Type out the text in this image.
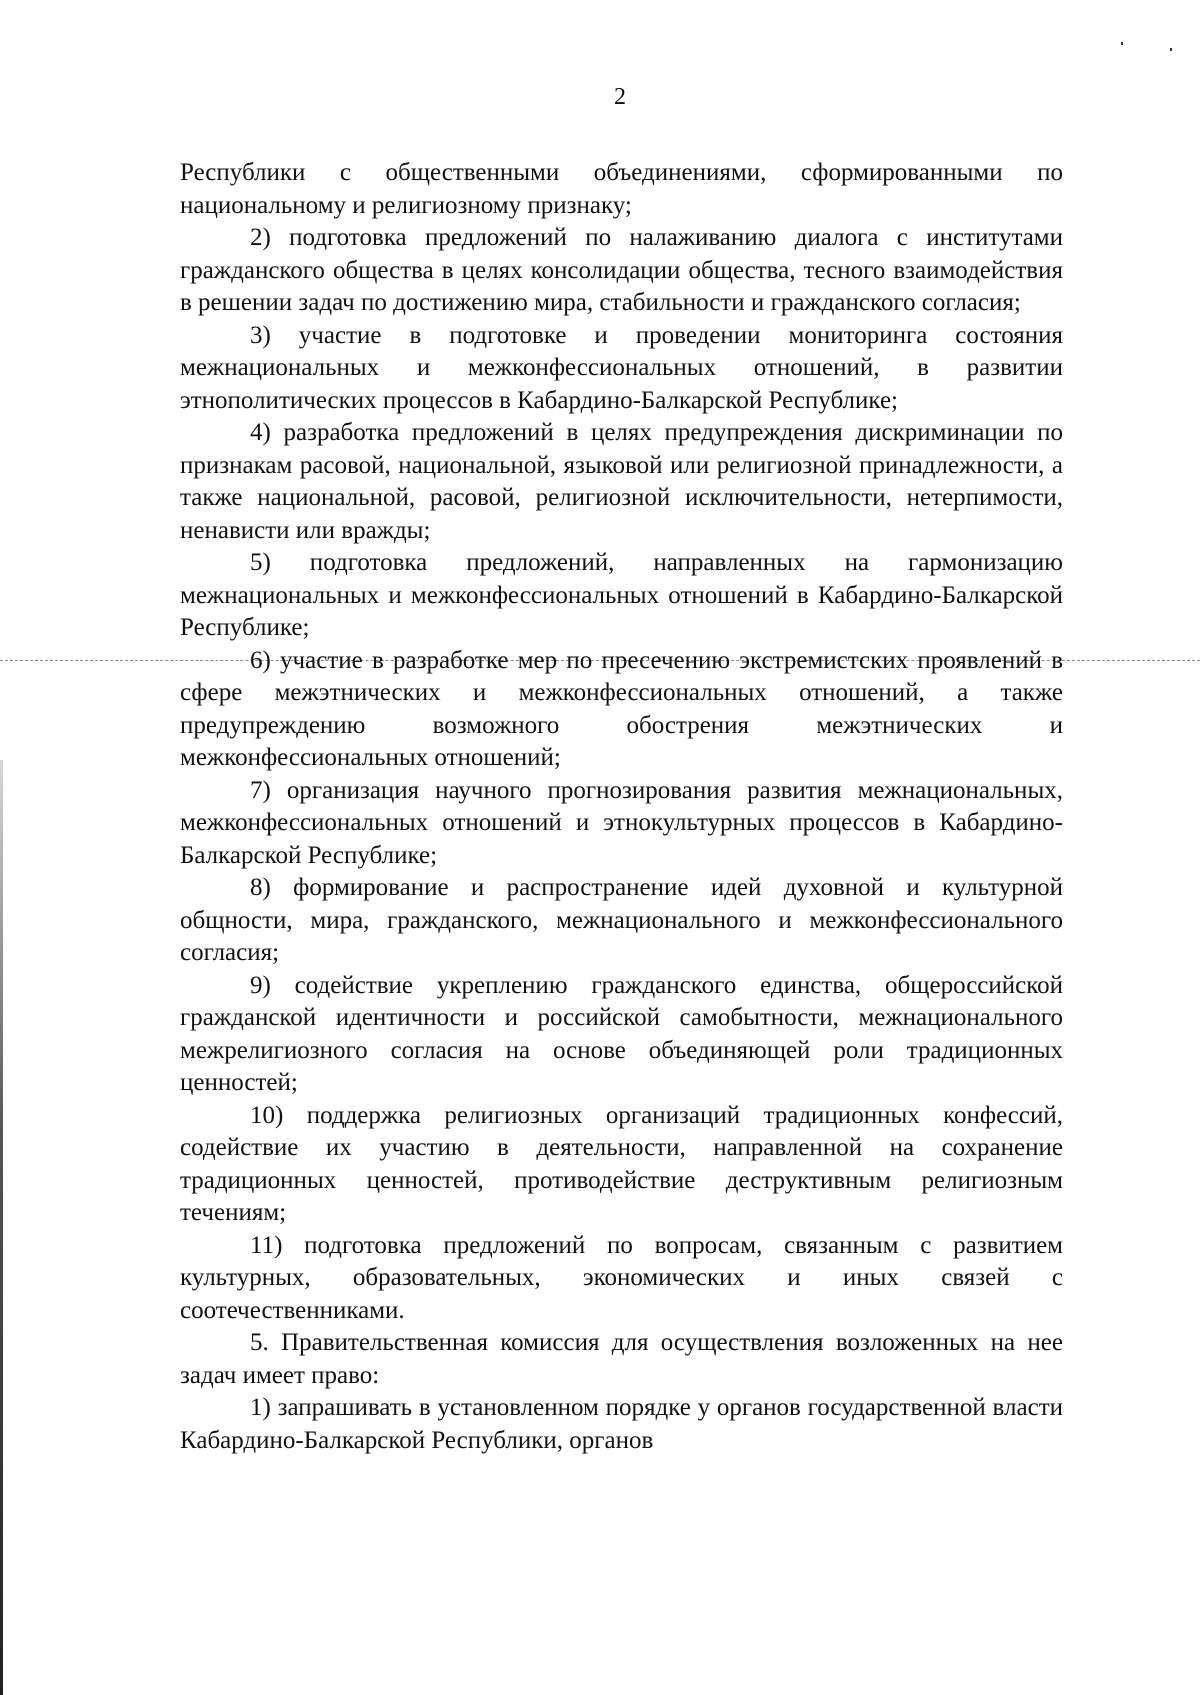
2

Республики с общественными объединениями, сформированными по национальному и религиозному признаку;

2) подготовка предложений по налаживанию диалога с институтами гражданского общества в целях консолидации общества, тесного взаимодействия в решении задач по достижению мира, стабильности и гражданского согласия;

3) участие в подготовке и проведении мониторинга состояния межнациональных и межконфессиональных отношений, в развитии этнополитических процессов в Кабардино-Балкарской Республике;

4) разработка предложений в целях предупреждения дискриминации по признакам расовой, национальной, языковой или религиозной принадлежности, а также национальной, расовой, религиозной исключительности, нетерпимости, ненависти или вражды;

5) подготовка предложений, направленных на гармонизацию межнациональных и межконфессиональных отношений в Кабардино-Балкарской Республике;

6) участие в разработке мер по пресечению экстремистских проявлений в сфере межэтнических и межконфессиональных отношений, а также предупреждению возможного обострения межэтнических и межконфессиональных отношений;

7) организация научного прогнозирования развития межнациональных, межконфессиональных отношений и этнокультурных процессов в Кабардино-Балкарской Республике;

8) формирование и распространение идей духовной и культурной общности, мира, гражданского, межнационального и межконфессионального согласия;

9) содействие укреплению гражданского единства, общероссийской гражданской идентичности и российской самобытности, межнационального межрелигиозного согласия на основе объединяющей роли традиционных ценностей;

10) поддержка религиозных организаций традиционных конфессий, содействие их участию в деятельности, направленной на сохранение традиционных ценностей, противодействие деструктивным религиозным течениям;

11) подготовка предложений по вопросам, связанным с развитием культурных, образовательных, экономических и иных связей с соотечественниками.

5. Правительственная комиссия для осуществления возложенных на нее задач имеет право:

1) запрашивать в установленном порядке у органов государственной власти Кабардино-Балкарской Республики, органов
